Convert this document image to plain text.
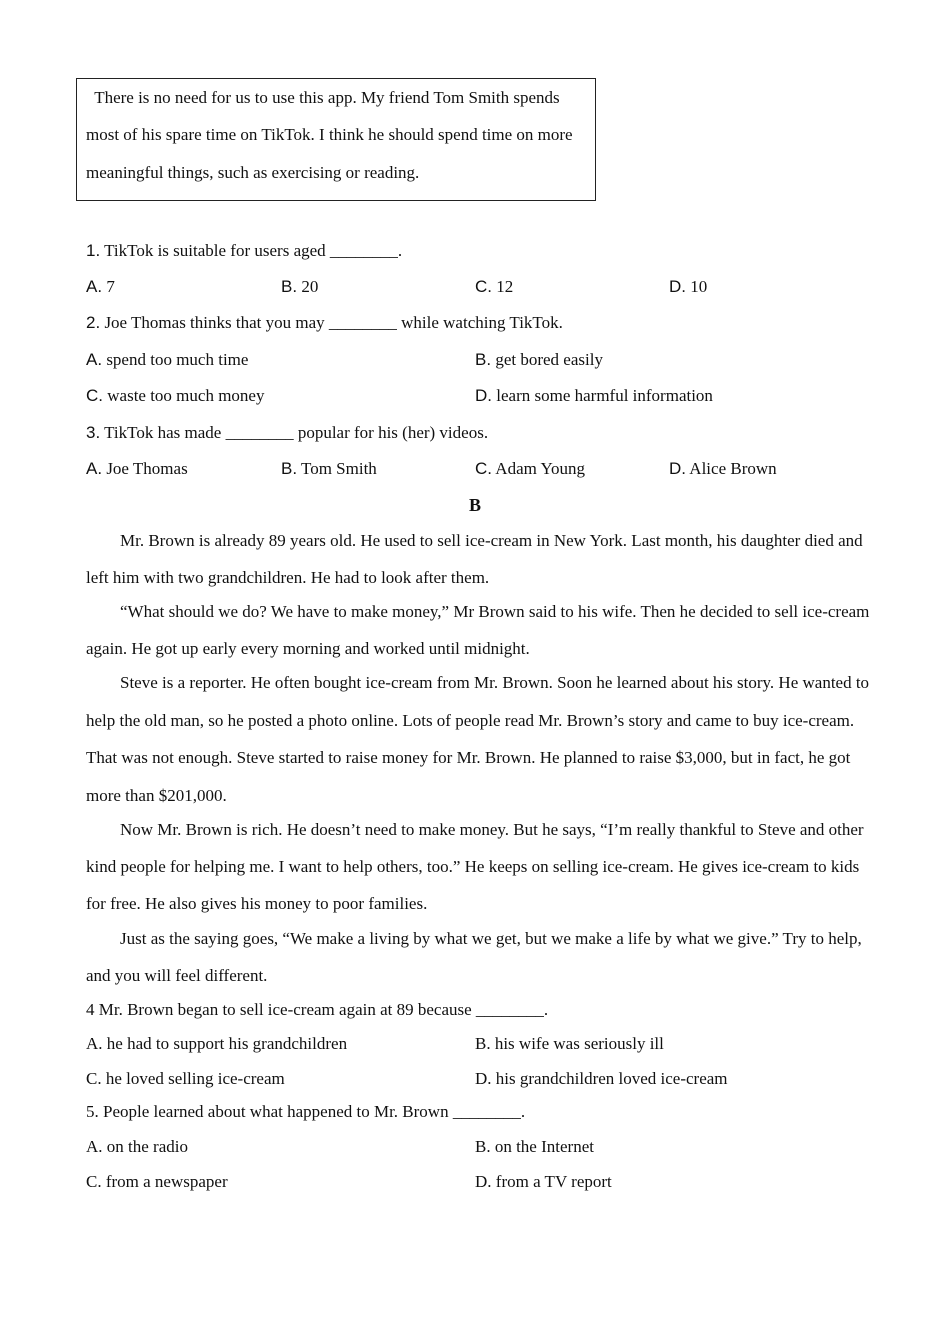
There is no need for us to use this app. My friend Tom Smith spends
most of his spare time on TikTok. I think he should spend time on more
meaningful things, such as exercising or reading.
1. TikTok is suitable for users aged ________.
A. 7	B. 20	C. 12	D. 10
2. Joe Thomas thinks that you may ________ while watching TikTok.
A. spend too much time	B. get bored easily
C. waste too much money	D. learn some harmful information
3. TikTok has made ________ popular for his (her) videos.
A. Joe Thomas	B. Tom Smith	C. Adam Young	D. Alice Brown
B
Mr. Brown is already 89 years old. He used to sell ice-cream in New York. Last month, his daughter died and
left him with two grandchildren. He had to look after them.
“What should we do? We have to make money,” Mr Brown said to his wife. Then he decided to sell ice-cream
again. He got up early every morning and worked until midnight.
Steve is a reporter. He often bought ice-cream from Mr. Brown. Soon he learned about his story. He wanted to
help the old man, so he posted a photo online. Lots of people read Mr. Brown’s story and came to buy ice-cream.
That was not enough. Steve started to raise money for Mr. Brown. He planned to raise $3,000, but in fact, he got
more than $201,000.
Now Mr. Brown is rich. He doesn’t need to make money. But he says, “I’m really thankful to Steve and other
kind people for helping me. I want to help others, too.” He keeps on selling ice-cream. He gives ice-cream to kids
for free. He also gives his money to poor families.
Just as the saying goes, “We make a living by what we get, but we make a life by what we give.” Try to help,
and you will feel different.
4 Mr. Brown began to sell ice-cream again at 89 because ________.
A. he had to support his grandchildren	B. his wife was seriously ill
C. he loved selling ice-cream	D. his grandchildren loved ice-cream
5. People learned about what happened to Mr. Brown ________.
A. on the radio	B. on the Internet
C. from a newspaper	D. from a TV report
